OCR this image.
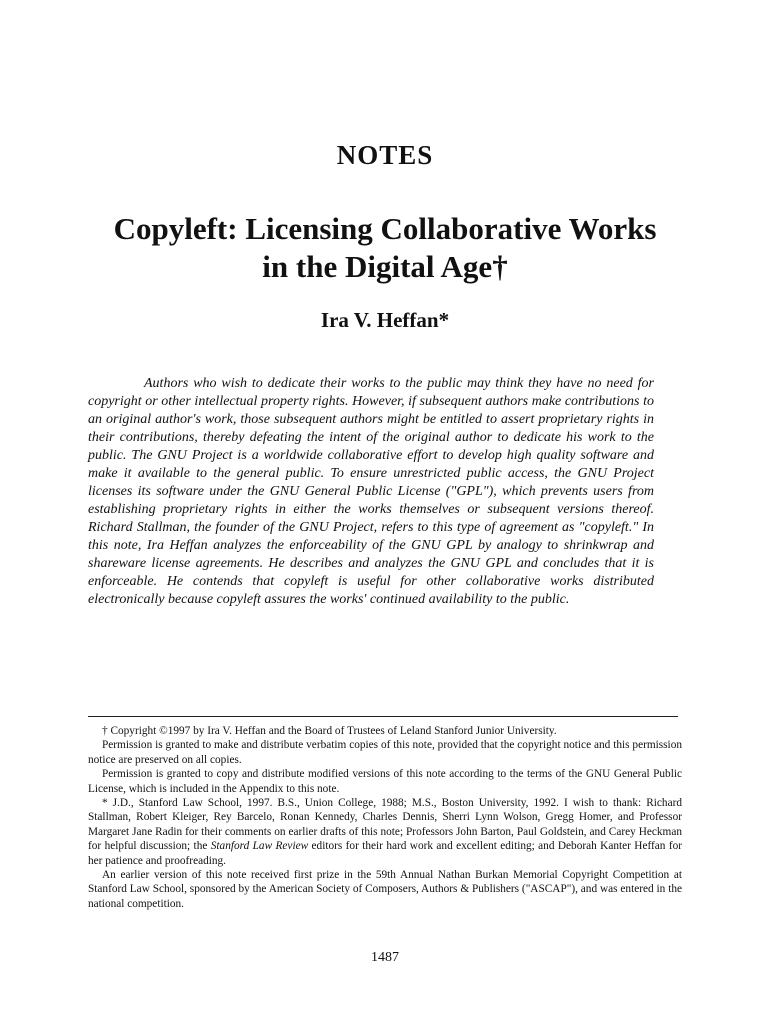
NOTES
Copyleft: Licensing Collaborative Works
in the Digital Age†
Ira V. Heffan*

Authors who wish to dedicate their works to the public may think they have no need for copyright or other intellectual property rights. However, if subsequent authors make contributions to an original author's work, those subsequent authors might be entitled to assert proprietary rights in their contributions, thereby defeating the intent of the original author to dedicate his work to the public. The GNU Project is a worldwide collaborative effort to develop high quality software and make it available to the general public. To ensure unrestricted public access, the GNU Project licenses its software under the GNU General Public License ("GPL"), which prevents users from establishing proprietary rights in either the works themselves or subsequent versions thereof. Richard Stallman, the founder of the GNU Project, refers to this type of agreement as "copyleft." In this note, Ira Heffan analyzes the enforceability of the GNU GPL by analogy to shrinkwrap and shareware license agreements. He describes and analyzes the GNU GPL and concludes that it is enforceable. He contends that copyleft is useful for other collaborative works distributed electronically because copyleft assures the works' continued availability to the public.

† Copyright ©1997 by Ira V. Heffan and the Board of Trustees of Leland Stanford Junior University.

Permission is granted to make and distribute verbatim copies of this note, provided that the copyright notice and this permission notice are preserved on all copies.

Permission is granted to copy and distribute modified versions of this note according to the terms of the GNU General Public License, which is included in the Appendix to this note.

* J.D., Stanford Law School, 1997. B.S., Union College, 1988; M.S., Boston University, 1992. I wish to thank: Richard Stallman, Robert Kleiger, Rey Barcelo, Ronan Kennedy, Charles Dennis, Sherri Lynn Wolson, Gregg Homer, and Professor Margaret Jane Radin for their comments on earlier drafts of this note; Professors John Barton, Paul Goldstein, and Carey Heckman for helpful discussion; the Stanford Law Review editors for their hard work and excellent editing; and Deborah Kanter Heffan for her patience and proofreading.

An earlier version of this note received first prize in the 59th Annual Nathan Burkan Memorial Copyright Competition at Stanford Law School, sponsored by the American Society of Composers, Authors & Publishers ("ASCAP"), and was entered in the national competition.

1487
